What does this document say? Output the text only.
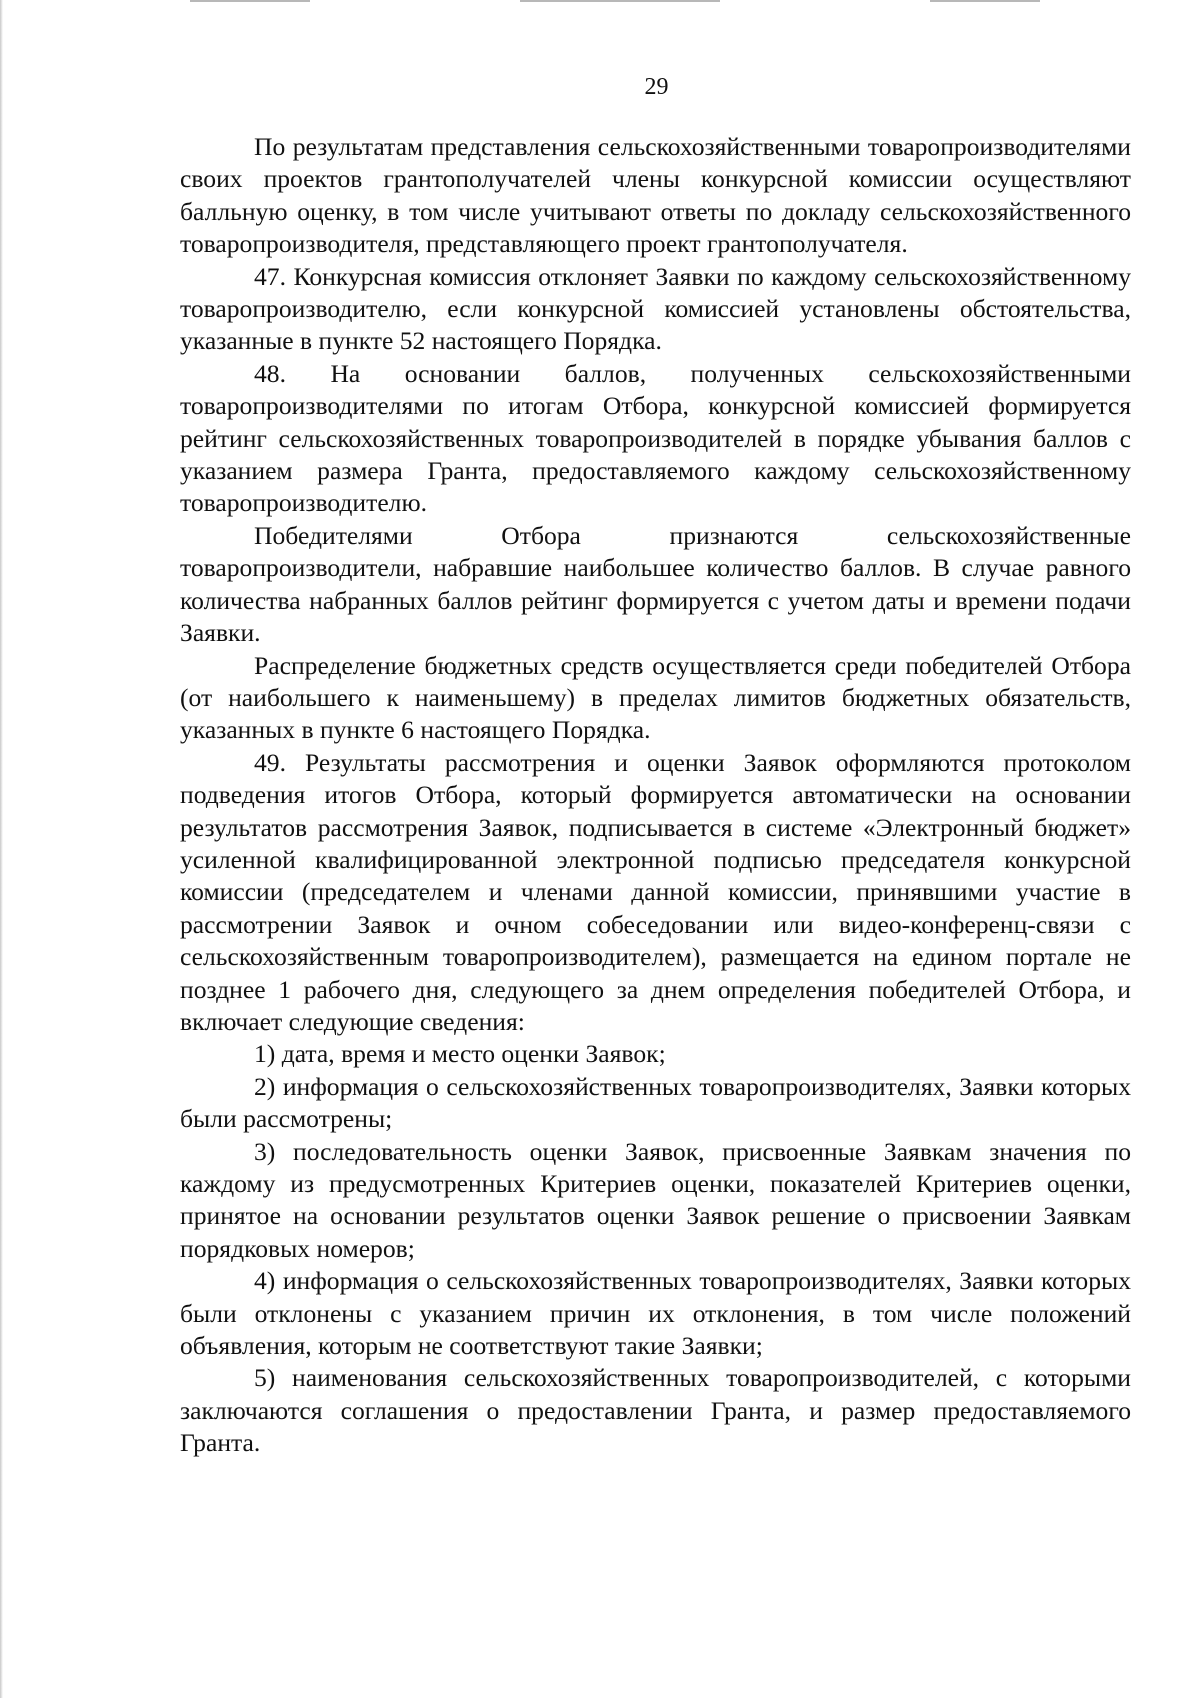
29

По результатам представления сельскохозяйственными товаропроизводителями своих проектов грантополучателей члены конкурсной комиссии осуществляют балльную оценку, в том числе учитывают ответы по докладу сельскохозяйственного товаропроизводителя, представляющего проект грантополучателя.

47. Конкурсная комиссия отклоняет Заявки по каждому сельскохозяйственному товаропроизводителю, если конкурсной комиссией установлены обстоятельства, указанные в пункте 52 настоящего Порядка.

48. На основании баллов, полученных сельскохозяйственными товаропроизводителями по итогам Отбора, конкурсной комиссией формируется рейтинг сельскохозяйственных товаропроизводителей в порядке убывания баллов с указанием размера Гранта, предоставляемого каждому сельскохозяйственному товаропроизводителю.

Победителями Отбора признаются сельскохозяйственные товаропроизводители, набравшие наибольшее количество баллов. В случае равного количества набранных баллов рейтинг формируется с учетом даты и времени подачи Заявки.

Распределение бюджетных средств осуществляется среди победителей Отбора (от наибольшего к наименьшему) в пределах лимитов бюджетных обязательств, указанных в пункте 6 настоящего Порядка.

49. Результаты рассмотрения и оценки Заявок оформляются протоколом подведения итогов Отбора, который формируется автоматически на основании результатов рассмотрения Заявок, подписывается в системе «Электронный бюджет» усиленной квалифицированной электронной подписью председателя конкурсной комиссии (председателем и членами данной комиссии, принявшими участие в рассмотрении Заявок и очном собеседовании или видео-конференц-связи с сельскохозяйственным товаропроизводителем), размещается на едином портале не позднее 1 рабочего дня, следующего за днем определения победителей Отбора, и включает следующие сведения:

1) дата, время и место оценки Заявок;

2) информация о сельскохозяйственных товаропроизводителях, Заявки которых были рассмотрены;

3) последовательность оценки Заявок, присвоенные Заявкам значения по каждому из предусмотренных Критериев оценки, показателей Критериев оценки, принятое на основании результатов оценки Заявок решение о присвоении Заявкам порядковых номеров;

4) информация о сельскохозяйственных товаропроизводителях, Заявки которых были отклонены с указанием причин их отклонения, в том числе положений объявления, которым не соответствуют такие Заявки;

5) наименования сельскохозяйственных товаропроизводителей, с которыми заключаются соглашения о предоставлении Гранта, и размер предоставляемого Гранта.
